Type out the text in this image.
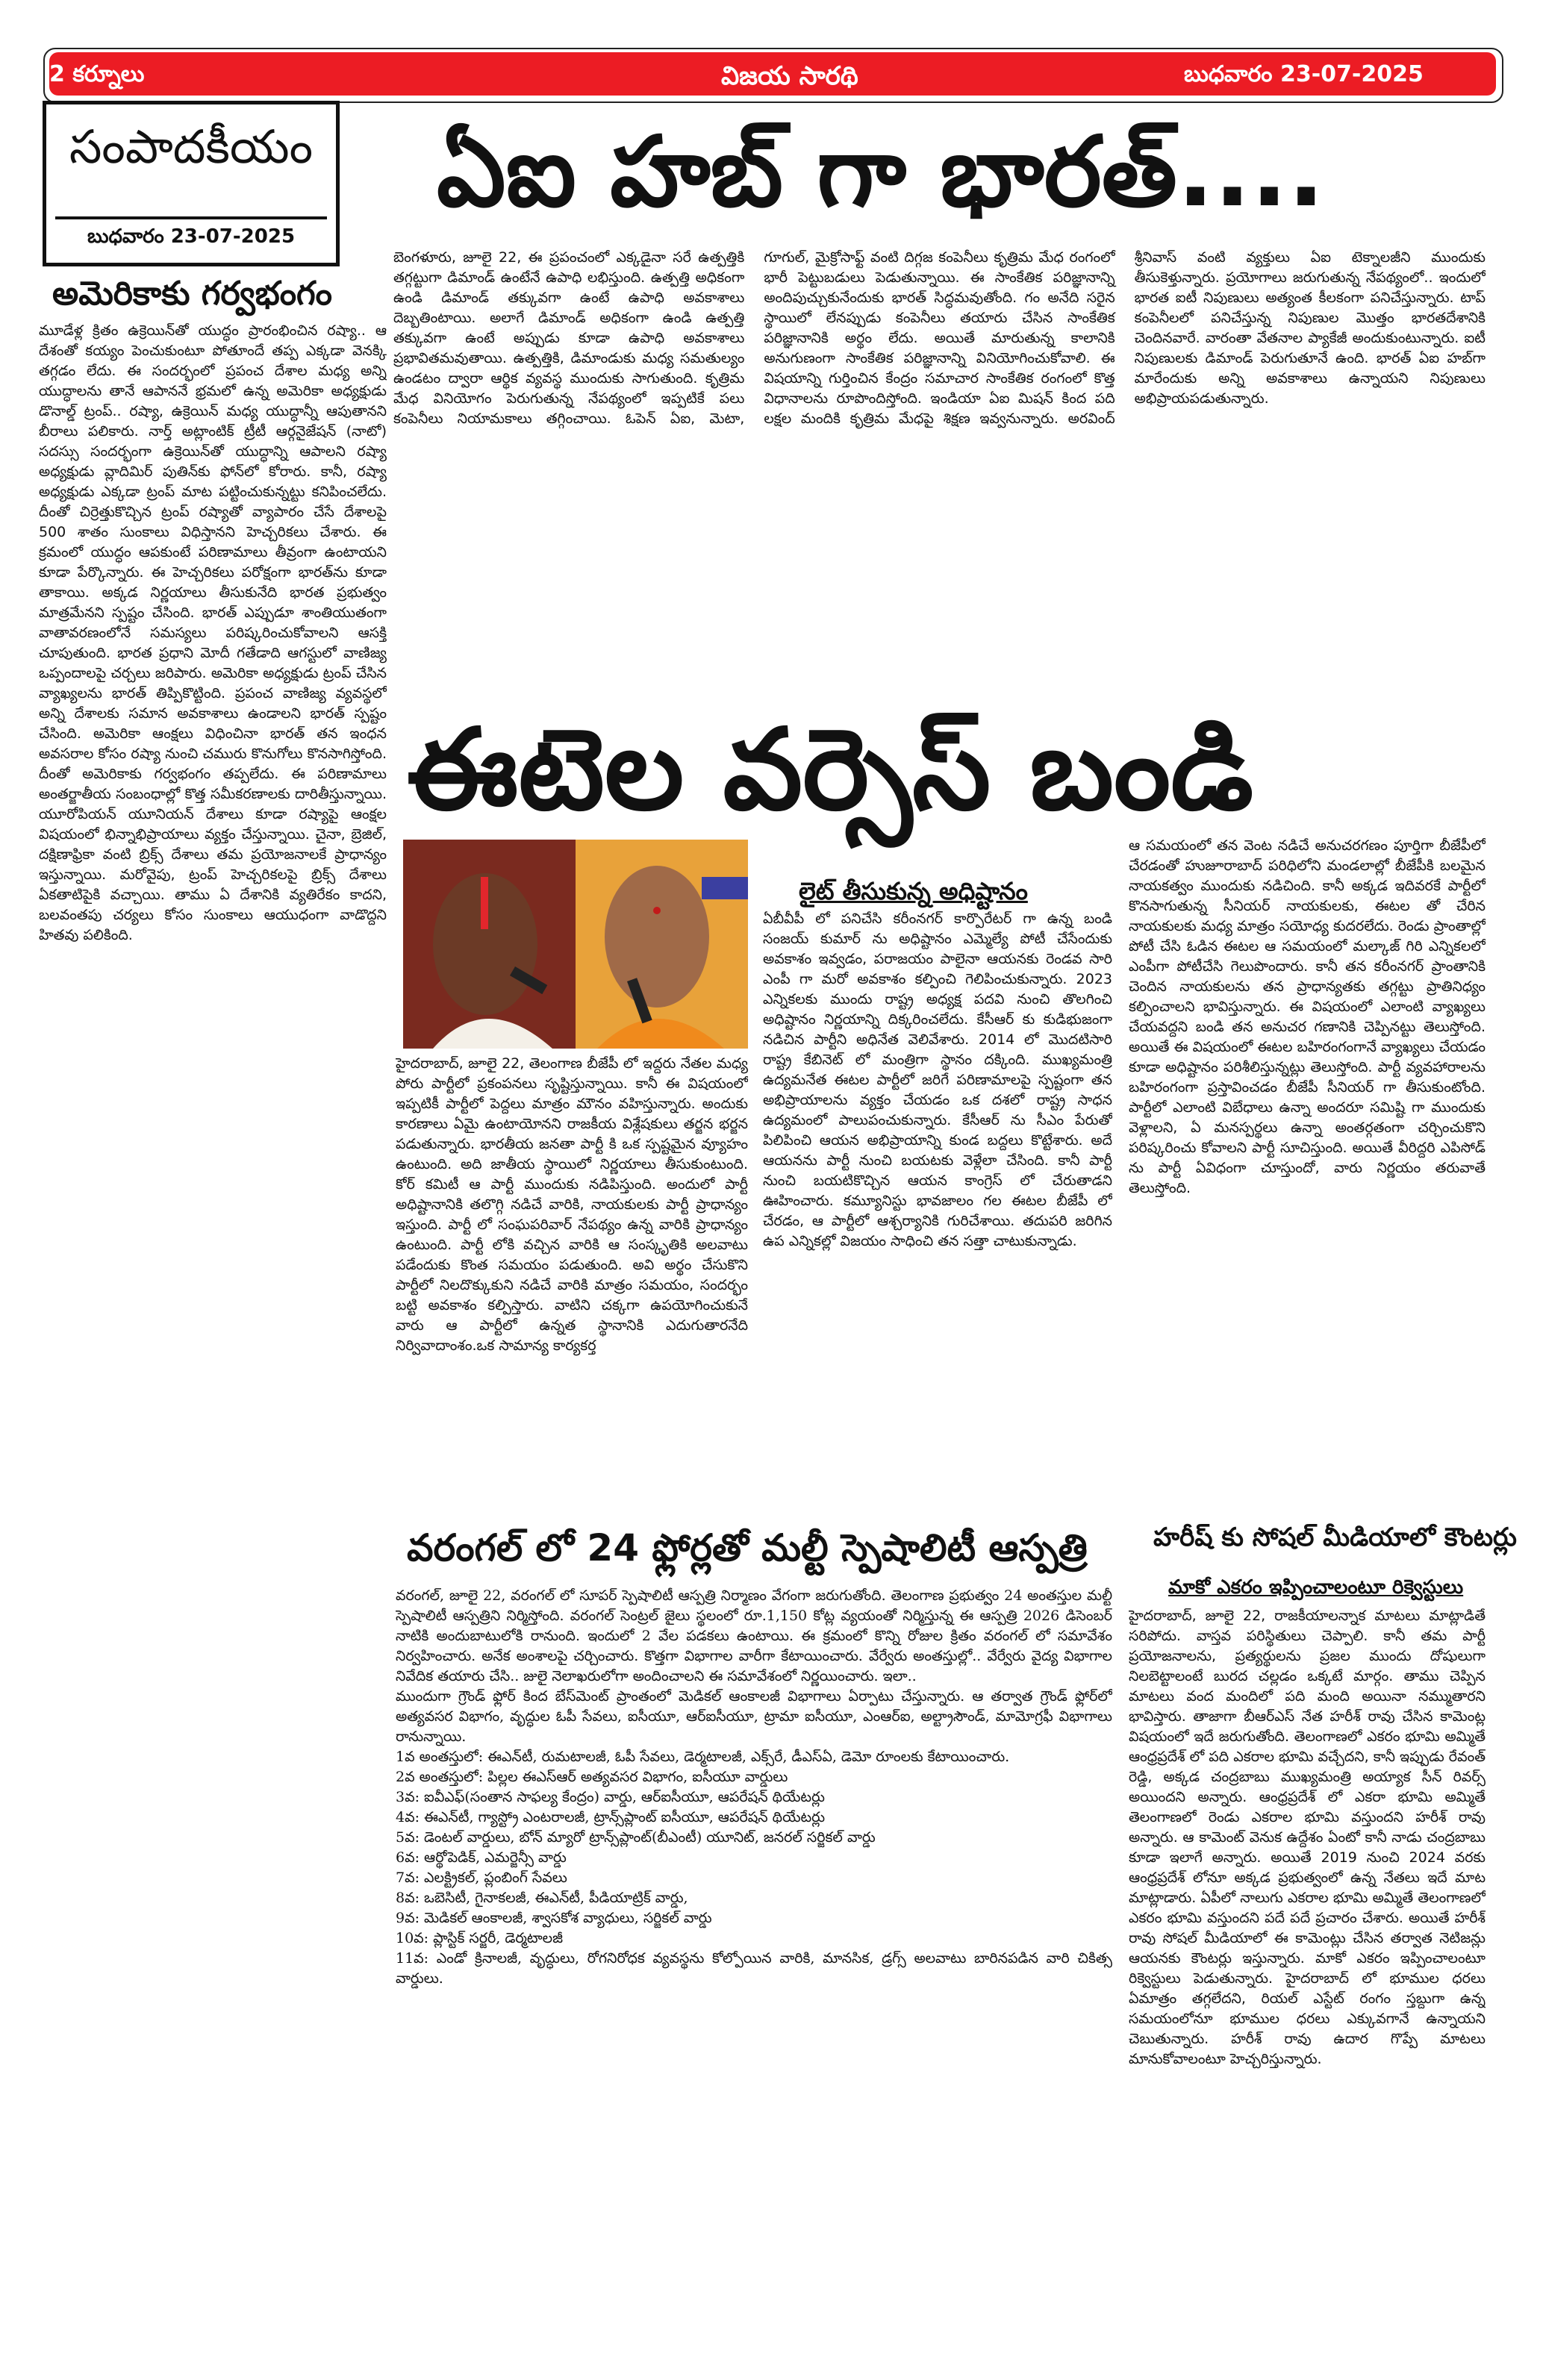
2 కర్నూలు	విజయ సారథి	బుధవారం 23-07-2025
సంపాదకీయం
బుధవారం 23-07-2025
అమెరికాకు గర్వభంగం

మూడేళ్ల క్రితం ఉక్రెయిన్‌తో యుద్ధం ప్రారంభించిన రష్యా.. ఆ దేశంతో కయ్యం పెంచుకుంటూ పోతూందే తప్ప ఎక్కడా వెనక్కి తగ్గడం లేదు. ఈ సందర్భంలో ప్రపంచ దేశాల మధ్య అన్ని యుద్ధాలను తానే ఆపాననే భ్రమలో ఉన్న అమెరికా అధ్యక్షుడు డొనాల్డ్ ట్రంప్.. రష్యా, ఉక్రెయిన్ మధ్య యుద్ధాన్నీ ఆపుతానని బీరాలు పలికారు. నార్త్ అట్లాంటిక్ ట్రీటీ ఆర్గనైజేషన్ (నాటో) సదస్సు సందర్భంగా ఉక్రెయిన్‌తో యుద్ధాన్ని ఆపాలని రష్యా అధ్యక్షుడు వ్లాదిమిర్ పుతిన్‌కు ఫోన్‌లో కోరారు. కానీ, రష్యా అధ్యక్షుడు ఎక్కడా ట్రంప్ మాట పట్టించుకున్నట్టు కనిపించలేదు. దీంతో చిర్రెత్తుకొచ్చిన ట్రంప్ రష్యాతో వ్యాపారం చేసే దేశాలపై 500 శాతం సుంకాలు విధిస్తానని హెచ్చరికలు చేశారు. ఈ క్రమంలో యుద్ధం ఆపకుంటే పరిణామాలు తీవ్రంగా ఉంటాయని కూడా పేర్కొన్నారు. ఈ హెచ్చరికలు పరోక్షంగా భారత్‌ను కూడా తాకాయి. అక్కడ నిర్ణయాలు తీసుకునేది భారత ప్రభుత్వం మాత్రమేనని స్పష్టం చేసింది. భారత్ ఎప్పుడూ శాంతియుతంగా వాతావరణంలోనే సమస్యలు పరిష్కరించుకోవాలని ఆసక్తి చూపుతుంది. భారత ప్రధాని మోదీ గతేడాది ఆగస్టులో వాణిజ్య ఒప్పందాలపై చర్చలు జరిపారు. అమెరికా అధ్యక్షుడు ట్రంప్ చేసిన వ్యాఖ్యలను భారత్ తిప్పికొట్టింది. ప్రపంచ వాణిజ్య వ్యవస్థలో అన్ని దేశాలకు సమాన అవకాశాలు ఉండాలని భారత్ స్పష్టం చేసింది. అమెరికా ఆంక్షలు విధించినా భారత్ తన ఇంధన అవసరాల కోసం రష్యా నుంచి చమురు కొనుగోలు కొనసాగిస్తోంది. దీంతో అమెరికాకు గర్వభంగం తప్పలేదు. ఈ పరిణామాలు అంతర్జాతీయ సంబంధాల్లో కొత్త సమీకరణాలకు దారితీస్తున్నాయి. యూరోపియన్ యూనియన్ దేశాలు కూడా రష్యాపై ఆంక్షల విషయంలో భిన్నాభిప్రాయాలు వ్యక్తం చేస్తున్నాయి. చైనా, బ్రెజిల్, దక్షిణాఫ్రికా వంటి బ్రిక్స్ దేశాలు తమ ప్రయోజనాలకే ప్రాధాన్యం ఇస్తున్నాయి. మరోవైపు, ట్రంప్ హెచ్చరికలపై బ్రిక్స్ దేశాలు ఏకతాటిపైకి వచ్చాయి. తాము ఏ దేశానికి వ్యతిరేకం కాదని, బలవంతపు చర్యలు కోసం సుంకాలు ఆయుధంగా వాడొద్దని హితవు పలికింది.

ఏఐ హబ్ గా భారత్....

బెంగళూరు, జూలై 22, ఈ ప్రపంచంలో ఎక్కడైనా సరే ఉత్పత్తికి తగ్గట్టుగా డిమాండ్ ఉంటేనే ఉపాధి లభిస్తుంది. ఉత్పత్తి అధికంగా ఉండి డిమాండ్ తక్కువగా ఉంటే ఉపాధి అవకాశాలు దెబ్బతింటాయి. అలాగే డిమాండ్ అధికంగా ఉండి ఉత్పత్తి తక్కువగా ఉంటే అప్పుడు కూడా ఉపాధి అవకాశాలు ప్రభావితమవుతాయి. ఉత్పత్తికి, డిమాండుకు మధ్య సమతుల్యం ఉండటం ద్వారా ఆర్థిక వ్యవస్థ ముందుకు సాగుతుంది. కృత్రిమ మేధ వినియోగం పెరుగుతున్న నేపథ్యంలో ఇప్పటికే పలు కంపెనీలు నియామకాలు తగ్గించాయి. ఓపెన్ ఏఐ, మెటా, గూగుల్, మైక్రోసాఫ్ట్ వంటి దిగ్గజ కంపెనీలు కృత్రిమ మేధ రంగంలో భారీ పెట్టుబడులు పెడుతున్నాయి. ఈ సాంకేతిక పరిజ్ఞానాన్ని అందిపుచ్చుకునేందుకు భారత్ సిద్ధమవుతోంది. గం అనేది సరైన స్థాయిలో లేనప్పుడు కంపెనీలు తయారు చేసిన సాంకేతిక పరిజ్ఞానానికి అర్థం లేదు. అయితే మారుతున్న కాలానికి అనుగుణంగా సాంకేతిక పరిజ్ఞానాన్ని వినియోగించుకోవాలి. ఈ విషయాన్ని గుర్తించిన కేంద్రం సమాచార సాంకేతిక రంగంలో కొత్త విధానాలను రూపొందిస్తోంది. ఇండియా ఏఐ మిషన్ కింద పది లక్షల మందికి కృత్రిమ మేధపై శిక్షణ ఇవ్వనున్నారు. అరవింద్ శ్రీనివాస్ వంటి వ్యక్తులు ఏఐ టెక్నాలజీని ముందుకు తీసుకెళ్తున్నారు. ప్రయోగాలు జరుగుతున్న నేపథ్యంలో.. ఇందులో భారత ఐటీ నిపుణులు అత్యంత కీలకంగా పనిచేస్తున్నారు. టాప్ కంపెనీలలో పనిచేస్తున్న నిపుణుల మొత్తం భారతదేశానికి చెందినవారే. వారంతా వేతనాల ప్యాకేజీ అందుకుంటున్నారు. ఐటీ నిపుణులకు డిమాండ్ పెరుగుతూనే ఉంది. భారత్ ఏఐ హబ్‌గా మారేందుకు అన్ని అవకాశాలు ఉన్నాయని నిపుణులు అభిప్రాయపడుతున్నారు.

ఈటెల వర్సెస్ బండి
లైట్ తీసుకున్న అధిష్టానం

హైదరాబాద్, జూలై 22, తెలంగాణ బీజేపీ లో ఇద్దరు నేతల మధ్య పోరు పార్టీలో ప్రకంపనలు సృష్టిస్తున్నాయి. కానీ ఈ విషయంలో ఇప్పటికీ పార్టీలో పెద్దలు మాత్రం మౌనం వహిస్తున్నారు. అందుకు కారణాలు ఏమై ఉంటాయోనని రాజకీయ విశ్లేషకులు తర్జన భర్జన పడుతున్నారు. భారతీయ జనతా పార్టీ కి ఒక స్పష్టమైన వ్యూహం ఉంటుంది. అది జాతీయ స్థాయిలో నిర్ణయాలు తీసుకుంటుంది. కోర్ కమిటీ ఆ పార్టీ ముందుకు నడిపిస్తుంది. అందులో పార్టీ అధిష్టానానికి తలొగ్గి నడిచే వారికి, నాయకులకు పార్టీ ప్రాధాన్యం ఇస్తుంది. పార్టీ లో సంఘపరివార్ నేపథ్యం ఉన్న వారికి ప్రాధాన్యం ఉంటుంది. పార్టీ లోకి వచ్చిన వారికి ఆ సంస్కృతికి అలవాటు పడేందుకు కొంత సమయం పడుతుంది. అవి అర్థం చేసుకొని పార్టీలో నిలదొక్కుకుని నడిచే వారికి మాత్రం సమయం, సందర్భం బట్టి అవకాశం కల్పిస్తారు. వాటిని చక్కగా ఉపయోగించుకునే వారు ఆ పార్టీలో ఉన్నత స్థానానికి ఎదుగుతారనేది నిర్వివాదాంశం.ఒక సామాన్య కార్యకర్త

ఏబీవీపీ లో పనిచేసి కరీంనగర్ కార్పొరేటర్ గా ఉన్న బండి సంజయ్ కుమార్ ను అధిష్టానం ఎమ్మెల్యే పోటీ చేసేందుకు అవకాశం ఇవ్వడం, పరాజయం పాలైనా ఆయనకు రెండవ సారి ఎంపీ గా మరో అవకాశం కల్పించి గెలిపించుకున్నారు. 2023 ఎన్నికలకు ముందు రాష్ట్ర అధ్యక్ష పదవి నుంచి తొలగించి అధిష్టానం నిర్ణయాన్ని దిక్కరించలేదు. కేసీఆర్ కు కుడిభుజంగా నడిచిన పార్టీని అధినేత వెలివేశారు. 2014 లో మొదటిసారి రాష్ట్ర కేబినెట్ లో మంత్రిగా స్థానం దక్కింది. ముఖ్యమంత్రి ఉద్యమనేత ఈటల పార్టీలో జరిగే పరిణామాలపై స్పష్టంగా తన అభిప్రాయాలను వ్యక్తం చేయడం ఒక దశలో రాష్ట్ర సాధన ఉద్యమంలో పాలుపంచుకున్నారు. కేసీఆర్ ను సీఎం పేరుతో పిలిపించి ఆయన అభిప్రాయాన్ని కుండ బద్దలు కొట్టేశారు. అదే ఆయనను పార్టీ నుంచి బయటకు వెళ్లేలా చేసింది. కానీ పార్టీ నుంచి బయటికొచ్చిన ఆయన కాంగ్రెస్ లో చేరుతాడని ఊహించారు. కమ్యూనిస్టు భావజాలం గల ఈటల బీజేపీ లో చేరడం, ఆ పార్టీలో ఆశ్చర్యానికి గురిచేశాయి. తదుపరి జరిగిన ఉప ఎన్నికల్లో విజయం సాధించి తన సత్తా చాటుకున్నాడు.

ఆ సమయంలో తన వెంట నడిచే అనుచరగణం పూర్తిగా బీజేపీలో చేరడంతో హుజూరాబాద్ పరిధిలోని మండలాల్లో బీజేపీకి బలమైన నాయకత్వం ముందుకు నడిచింది. కానీ అక్కడ ఇదివరకే పార్టీలో కొనసాగుతున్న సీనియర్ నాయకులకు, ఈటల తో చేరిన నాయకులకు మధ్య మాత్రం సయోధ్య కుదరలేదు. రెండు ప్రాంతాల్లో పోటీ చేసి ఓడిన ఈటల ఆ సమయంలో మల్కాజ్ గిరి ఎన్నికలలో ఎంపీగా పోటీచేసి గెలుపొందారు. కానీ తన కరీంనగర్ ప్రాంతానికి చెందిన నాయకులను తన ప్రాధాన్యతకు తగ్గట్టు ప్రాతినిధ్యం కల్పించాలని భావిస్తున్నారు. ఈ విషయంలో ఎలాంటి వ్యాఖ్యలు చేయవద్దని బండి తన అనుచర గణానికి చెప్పినట్టు తెలుస్తోంది. అయితే ఈ విషయంలో ఈటల బహిరంగంగానే వ్యాఖ్యలు చేయడం కూడా అధిష్టానం పరిశీలిస్తున్నట్లు తెలుస్తోంది. పార్టీ వ్యవహారాలను బహిరంగంగా ప్రస్తావించడం బీజేపీ సీనియర్ గా తీసుకుంటోంది. పార్టీలో ఎలాంటి విబేధాలు ఉన్నా అందరూ సమిష్టి గా ముందుకు వెళ్లాలని, ఏ మనస్పర్థలు ఉన్నా అంతర్గతంగా చర్చించుకొని పరిష్కరించు కోవాలని పార్టీ సూచిస్తుంది. అయితే వీరిద్దరి ఎపిసోడ్ ను పార్టీ ఏవిధంగా చూస్తుందో, వారు నిర్ణయం తరువాతే తెలుస్తోంది.

వరంగల్ లో 24 ఫ్లోర్లతో మల్టీ స్పెషాలిటీ ఆస్పత్రి

వరంగల్, జూలై 22, వరంగల్ లో సూపర్ స్పెషాలిటీ ఆస్పత్రి నిర్మాణం వేగంగా జరుగుతోంది. తెలంగాణ ప్రభుత్వం 24 అంతస్తుల మల్టీ స్పెషాలిటీ ఆస్పత్రిని నిర్మిస్తోంది. వరంగల్ సెంట్రల్ జైలు స్థలంలో రూ.1,150 కోట్ల వ్యయంతో నిర్మిస్తున్న ఈ ఆస్పత్రి 2026 డిసెంబర్ నాటికి అందుబాటులోకి రానుంది. ఇందులో 2 వేల పడకలు ఉంటాయి. ఈ క్రమంలో కొన్ని రోజుల క్రితం వరంగల్ లో సమావేశం నిర్వహించారు. అనేక అంశాలపై చర్చించారు. కొత్తగా విభాగాల వారీగా కేటాయించారు. వేర్వేరు అంతస్తుల్లో.. వేర్వేరు వైద్య విభాగాల నివేదిక తయారు చేసి.. జులై నెలాఖరులోగా అందించాలని ఈ సమావేశంలో నిర్ణయించారు. ఇలా..

ముందుగా గ్రౌండ్ ఫ్లోర్ కింద బేస్‌మెంట్ ప్రాంతంలో మెడికల్ ఆంకాలజీ విభాగాలు ఏర్పాటు చేస్తున్నారు. ఆ తర్వాత గ్రౌండ్ ఫ్లోర్‌లో అత్యవసర విభాగం, వృద్ధుల ఓపీ సేవలు, ఐసీయూ, ఆర్ఐసీయూ, ట్రామా ఐసీయూ, ఎంఆర్ఐ, అల్ట్రాసౌండ్, మామోగ్రఫీ విభాగాలు రానున్నాయి.

1వ అంతస్తులో: ఈఎన్‌టీ, రుమటాలజీ, ఓపీ సేవలు, డెర్మటాలజీ, ఎక్స్‌రే, డీఎస్ఏ, డెమో రూంలకు కేటాయించారు.

2వ అంతస్తులో: పిల్లల ఈఎస్ఆర్ అత్యవసర విభాగం, ఐసీయూ వార్డులు

3వ: ఐవీఎఫ్(సంతాన సాఫల్య కేంద్రం) వార్డు, ఆర్ఐసీయూ, ఆపరేషన్ థియేటర్లు

4వ: ఈఎన్‌టీ, గ్యాస్ట్రో ఎంటరాలజీ, ట్రాన్స్‌ప్లాంట్ ఐసీయూ, ఆపరేషన్ థియేటర్లు

5వ: డెంటల్ వార్డులు, బోన్ మ్యారో ట్రాన్స్‌ప్లాంట్(బీఎంటీ) యూనిట్, జనరల్ సర్జికల్ వార్డు

6వ: ఆర్థోపెడిక్, ఎమర్జెన్సీ వార్డు

7వ: ఎలక్ట్రికల్, ప్లంబింగ్ సేవలు

8వ: ఒబెసిటీ, గైనాకలజీ, ఈఎన్‌టీ, పీడియాట్రిక్ వార్డు,

9వ: మెడికల్ ఆంకాలజీ, శ్వాసకోశ వ్యాధులు, సర్జికల్ వార్డు

10వ: ప్లాస్టిక్ సర్జరీ, డెర్మటాలజీ

11వ: ఎండో క్రినాలజీ, వృద్ధులు, రోగనిరోధక వ్యవస్థను కోల్పోయిన వారికి, మానసిక, డ్రగ్స్ అలవాటు బారినపడిన వారి చికిత్స వార్డులు.

హరీష్ కు సోషల్ మీడియాలో కౌంటర్లు
మాకో ఎకరం ఇప్పించాలంటూ రిక్వెస్టులు

హైదరాబాద్, జూలై 22, రాజకీయాలన్నాక మాటలు మాట్లాడితే సరిపోదు. వాస్తవ పరిస్థితులు చెప్పాలి. కానీ తమ పార్టీ ప్రయోజనాలను, ప్రత్యర్థులను ప్రజల ముందు దోషులుగా నిలబెట్టాలంటే బురద చల్లడం ఒక్కటే మార్గం. తాము చెప్పిన మాటలు వంద మందిలో పది మంది అయినా నమ్ముతారని భావిస్తారు. తాజాగా బీఆర్ఎస్ నేత హరీశ్ రావు చేసిన కామెంట్ల విషయంలో ఇదే జరుగుతోంది. తెలంగాణలో ఎకరం భూమి అమ్మితే ఆంధ్రప్రదేశ్ లో పది ఎకరాల భూమి వచ్చేదని, కానీ ఇప్పుడు రేవంత్ రెడ్డి, అక్కడ చంద్రబాబు ముఖ్యమంత్రి అయ్యాక సీన్ రివర్స్ అయిందని అన్నారు. ఆంధ్రప్రదేశ్ లో ఎకరా భూమి అమ్మితే తెలంగాణలో రెండు ఎకరాల భూమి వస్తుందని హరీశ్ రావు అన్నారు. ఆ కామెంట్ వెనుక ఉద్దేశం ఏంటో కానీ నాడు చంద్రబాబు కూడా ఇలాగే అన్నారు. అయితే 2019 నుంచి 2024 వరకు ఆంధ్రప్రదేశ్ లోనూ అక్కడ ప్రభుత్వంలో ఉన్న నేతలు ఇదే మాట మాట్లాడారు. ఏపీలో నాలుగు ఎకరాల భూమి అమ్మితే తెలంగాణలో ఎకరం భూమి వస్తుందని పదే పదే ప్రచారం చేశారు. అయితే హరీశ్ రావు సోషల్ మీడియాలో ఈ కామెంట్లు చేసిన తర్వాత నెటిజన్లు ఆయనకు కౌంటర్లు ఇస్తున్నారు. మాకో ఎకరం ఇప్పించాలంటూ రిక్వెస్టులు పెడుతున్నారు. హైదరాబాద్ లో భూముల ధరలు ఏమాత్రం తగ్గలేదని, రియల్ ఎస్టేట్ రంగం స్తబ్దుగా ఉన్న సమయంలోనూ భూముల ధరలు ఎక్కువగానే ఉన్నాయని చెబుతున్నారు. హరీశ్ రావు ఉదార గొప్పే మాటలు మానుకోవాలంటూ హెచ్చరిస్తున్నారు.
